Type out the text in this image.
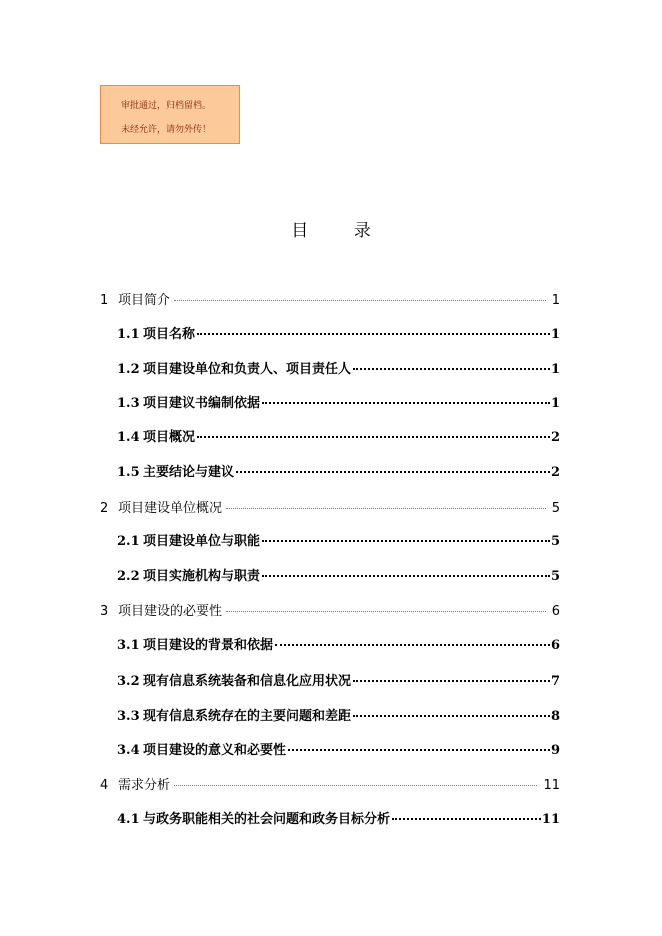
审批通过，归档留档。
未经允许，请勿外传！
目 录
1 项目简介	1
1.1 项目名称	1
1.2 项目建设单位和负责人、项目责任人	1
1.3 项目建议书编制依据	1
1.4 项目概况	2
1.5 主要结论与建议	2
2 项目建设单位概况	5
2.1 项目建设单位与职能	5
2.2 项目实施机构与职责	5
3 项目建设的必要性	6
3.1 项目建设的背景和依据	6
3.2 现有信息系统装备和信息化应用状况	7
3.3 现有信息系统存在的主要问题和差距	8
3.4 项目建设的意义和必要性	9
4 需求分析	11
4.1 与政务职能相关的社会问题和政务目标分析	11
